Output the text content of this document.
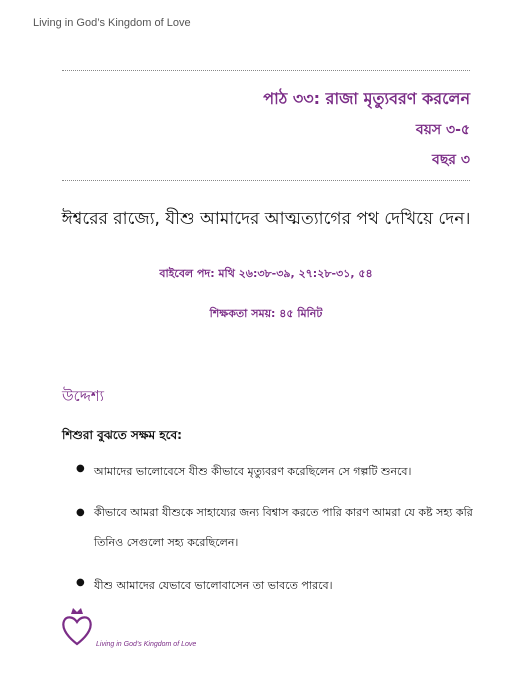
Living in God’s Kingdom of Love
পাঠ ৩৩: রাজা মৃত্যুবরণ করলেন
বয়স ৩-৫
বছর ৩
ঈশ্বরের রাজ্যে, যীশু আমাদের আত্মত্যাগের পথ দেখিয়ে দেন।
বাইবেল পদ: মথি ২৬:৩৮-৩৯, ২৭:২৮-৩১, ৫৪
শিক্ষকতা সময়: ৪৫ মিনিট
উদ্দেশ্য
শিশুরা বুঝতে সক্ষম হবে:
● আমাদের ভালোবেসে যীশু কীভাবে মৃত্যুবরণ করেছিলেন সে গল্পটি শুনবে।
● কীভাবে আমরা যীশুকে সাহায্যের জন্য বিশ্বাস করতে পারি কারণ আমরা যে কষ্ট সহ্য করি তিনিও সেগুলো সহ্য করেছিলেন।
● যীশু আমাদের যেভাবে ভালোবাসেন তা ভাবতে পারবে।
Living in God’s Kingdom of Love
